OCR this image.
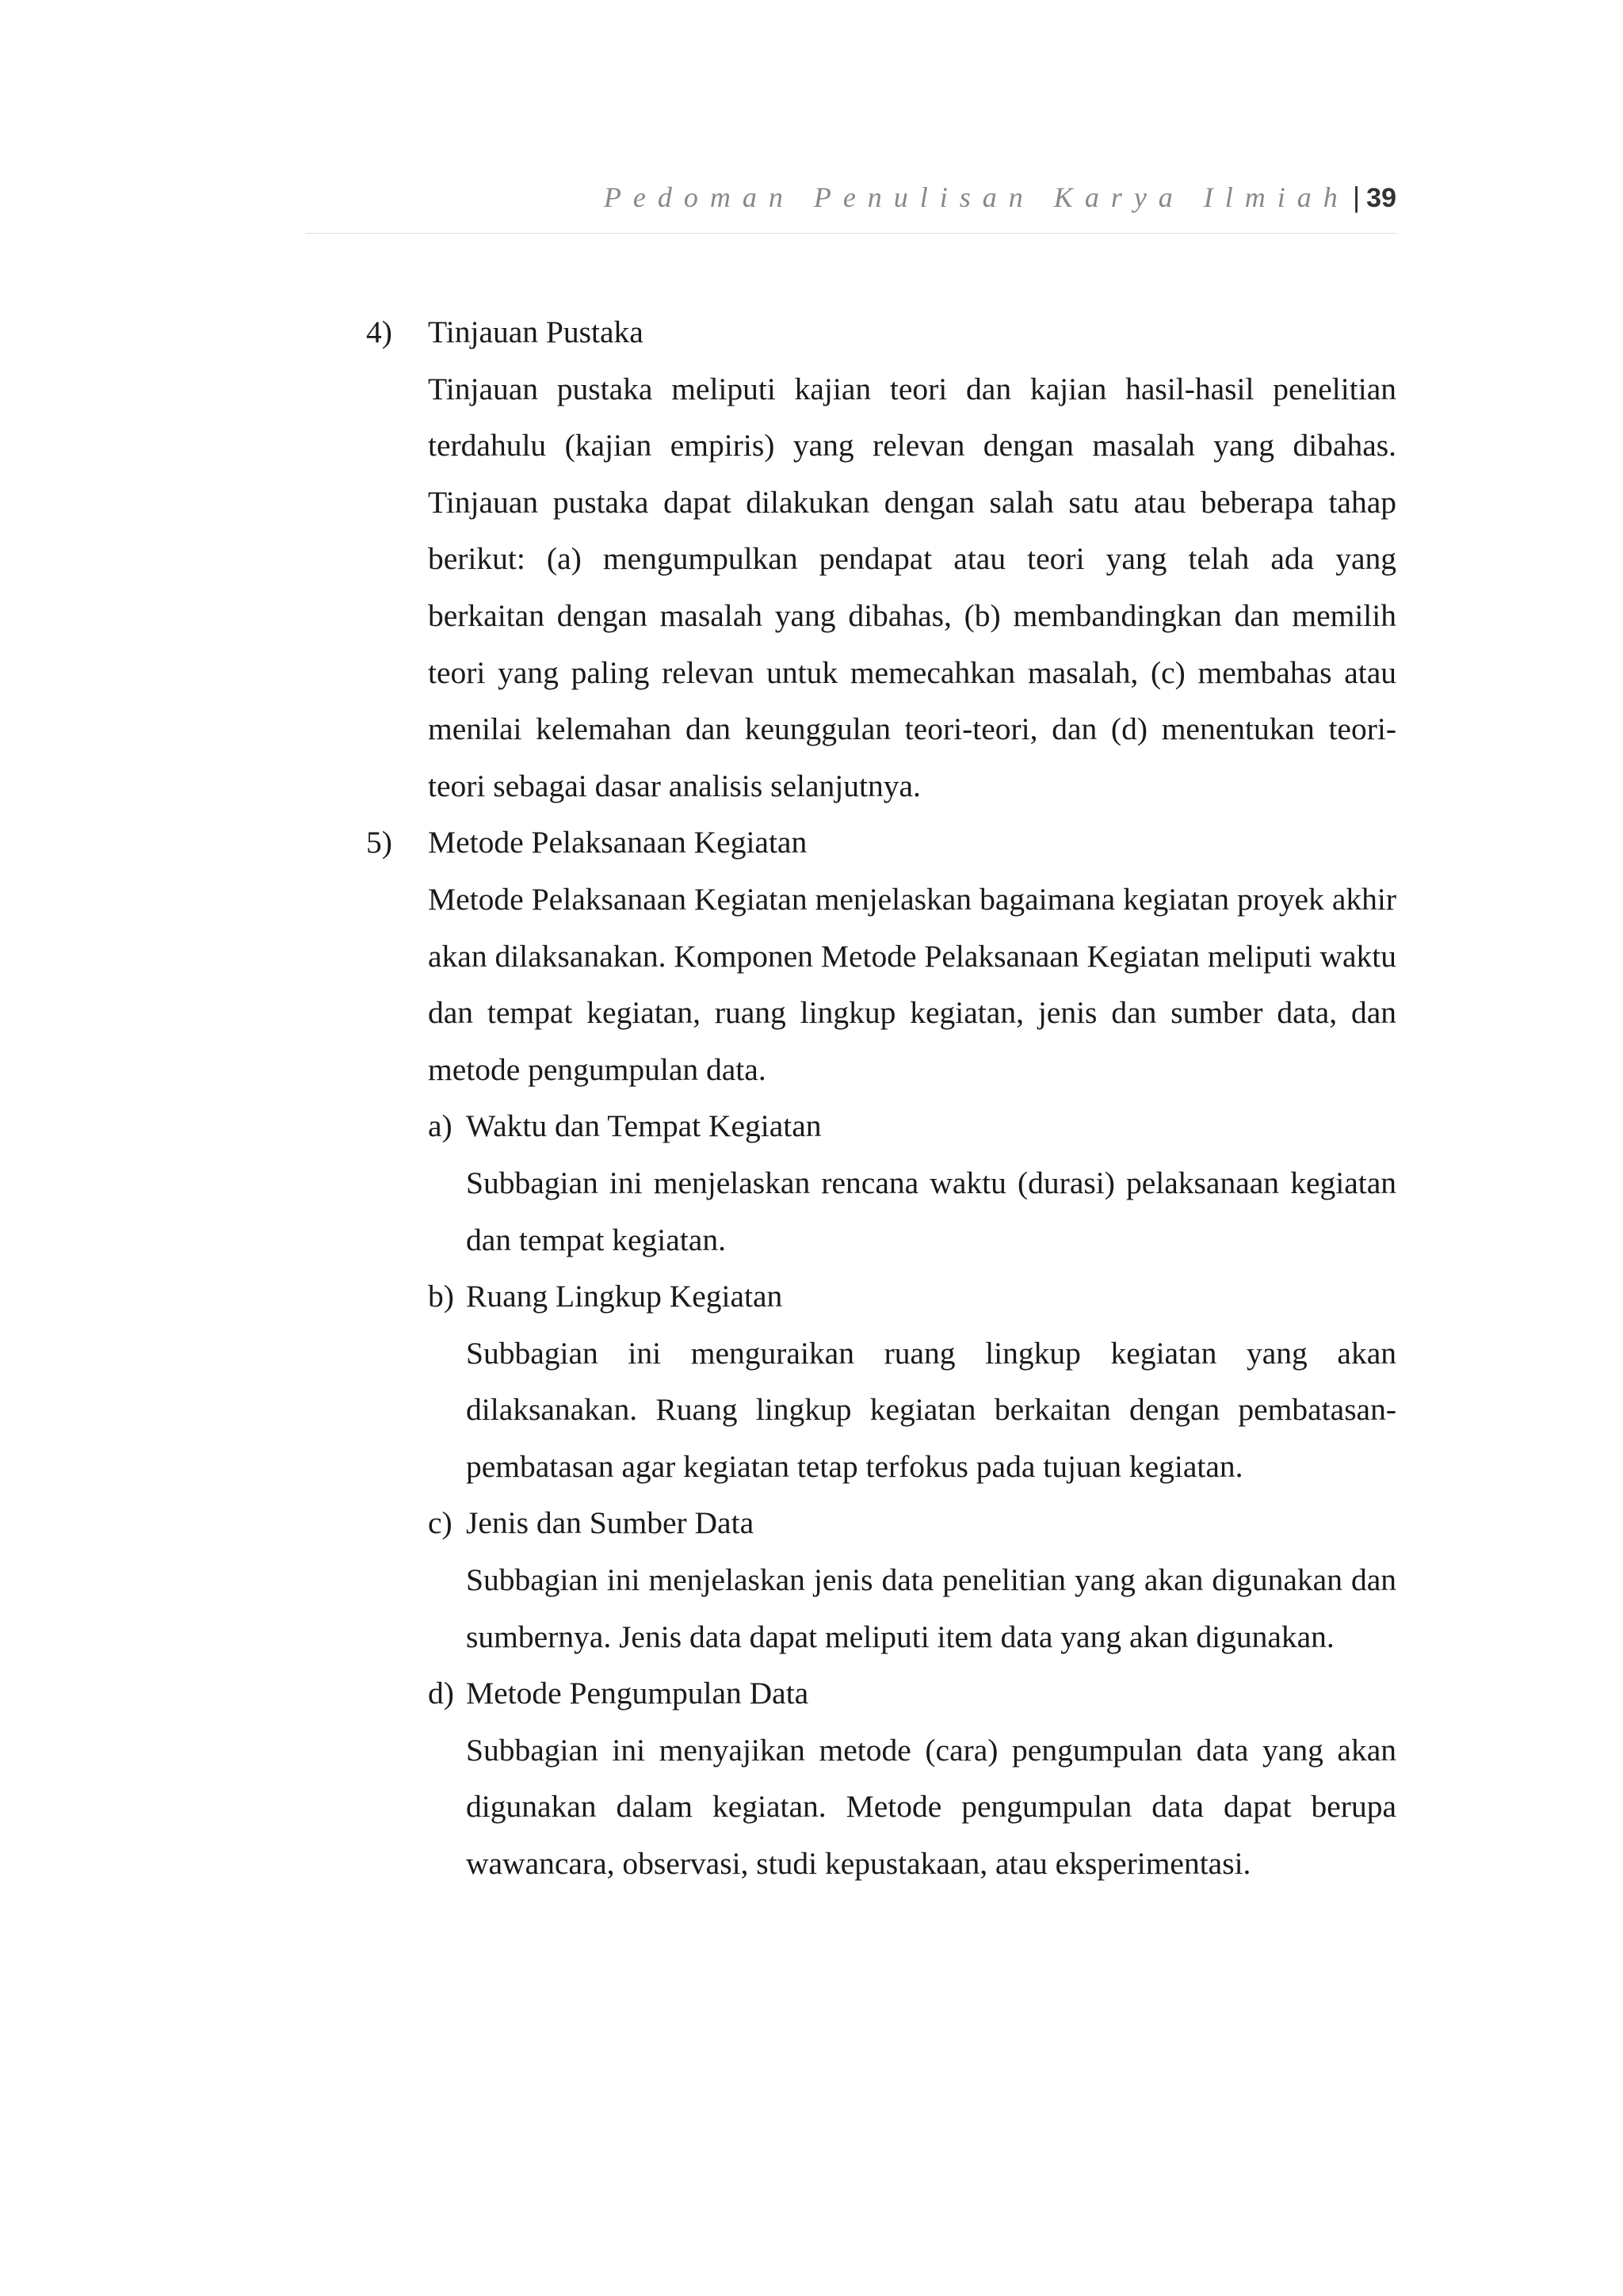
Pedoman Penulisan Karya Ilmiah | 39
4) Tinjauan Pustaka

Tinjauan pustaka meliputi kajian teori dan kajian hasil-hasil penelitian terdahulu (kajian empiris) yang relevan dengan masalah yang dibahas. Tinjauan pustaka dapat dilakukan dengan salah satu atau beberapa tahap berikut: (a) mengumpulkan pendapat atau teori yang telah ada yang berkaitan dengan masalah yang dibahas, (b) membandingkan dan memilih teori yang paling relevan untuk memecahkan masalah, (c) membahas atau menilai kelemahan dan keunggulan teori-teori, dan (d) menentukan teori-teori sebagai dasar analisis selanjutnya.

5) Metode Pelaksanaan Kegiatan

Metode Pelaksanaan Kegiatan menjelaskan bagaimana kegiatan proyek akhir akan dilaksanakan. Komponen Metode Pelaksanaan Kegiatan meliputi waktu dan tempat kegiatan, ruang lingkup kegiatan, jenis dan sumber data, dan metode pengumpulan data.

a) Waktu dan Tempat Kegiatan

Subbagian ini menjelaskan rencana waktu (durasi) pelaksanaan kegiatan dan tempat kegiatan.

b) Ruang Lingkup Kegiatan

Subbagian ini menguraikan ruang lingkup kegiatan yang akan dilaksanakan. Ruang lingkup kegiatan berkaitan dengan pembatasan-pembatasan agar kegiatan tetap terfokus pada tujuan kegiatan.

c) Jenis dan Sumber Data

Subbagian ini menjelaskan jenis data penelitian yang akan digunakan dan sumbernya. Jenis data dapat meliputi item data yang akan digunakan.

d) Metode Pengumpulan Data

Subbagian ini menyajikan metode (cara) pengumpulan data yang akan digunakan dalam kegiatan. Metode pengumpulan data dapat berupa wawancara, observasi, studi kepustakaan, atau eksperimentasi.
